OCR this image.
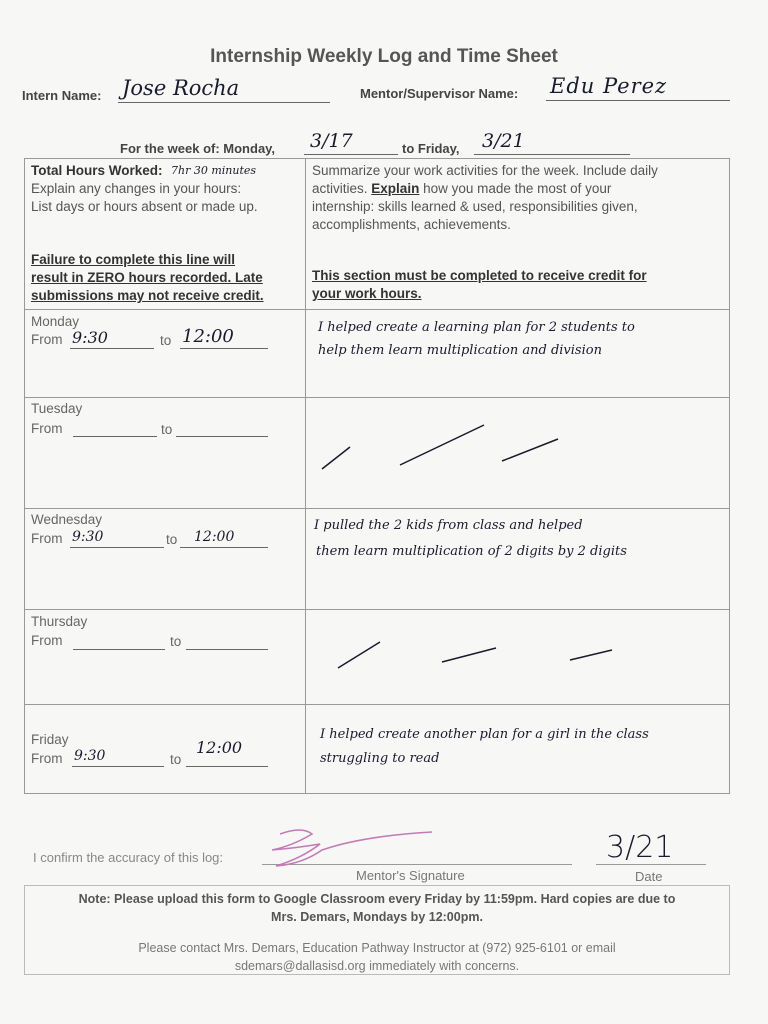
Internship Weekly Log and Time Sheet
Intern Name: Jose Rocha	Mentor/Supervisor Name: Edu Perez
For the week of: Monday, 3/17	to Friday, 3/21
Total Hours Worked: 7hr 30 minutes
Explain any changes in your hours:
List days or hours absent or made up.
Failure to complete this line will
result in ZERO hours recorded. Late
submissions may not receive credit.
Summarize your work activities for the week. Include daily
activities. Explain how you made the most of your
internship: skills learned & used, responsibilities given,
accomplishments, achievements.
This section must be completed to receive credit for
your work hours.
Monday
From 9:30	to 12:00	I helped create a learning plan for 2 students to
help them learn multiplication and division
Tuesday
From	to
Wednesday
From 9:30	to 12:00
I pulled the 2 kids from class and helped
them learn multiplication of 2 digits by 2 digits
Thursday
From	to
Friday
From 9:30	to
12:00
I helped create another plan for a girl in the class
struggling to read
I confirm the accuracy of this log:
Mentor's Signature
3/21
Date
Note: Please upload this form to Google Classroom every Friday by 11:59pm. Hard copies are due to
Mrs. Demars, Mondays by 12:00pm.
Please contact Mrs. Demars, Education Pathway Instructor at (972) 925-6101 or email
sdemars@dallasisd.org immediately with concerns.
